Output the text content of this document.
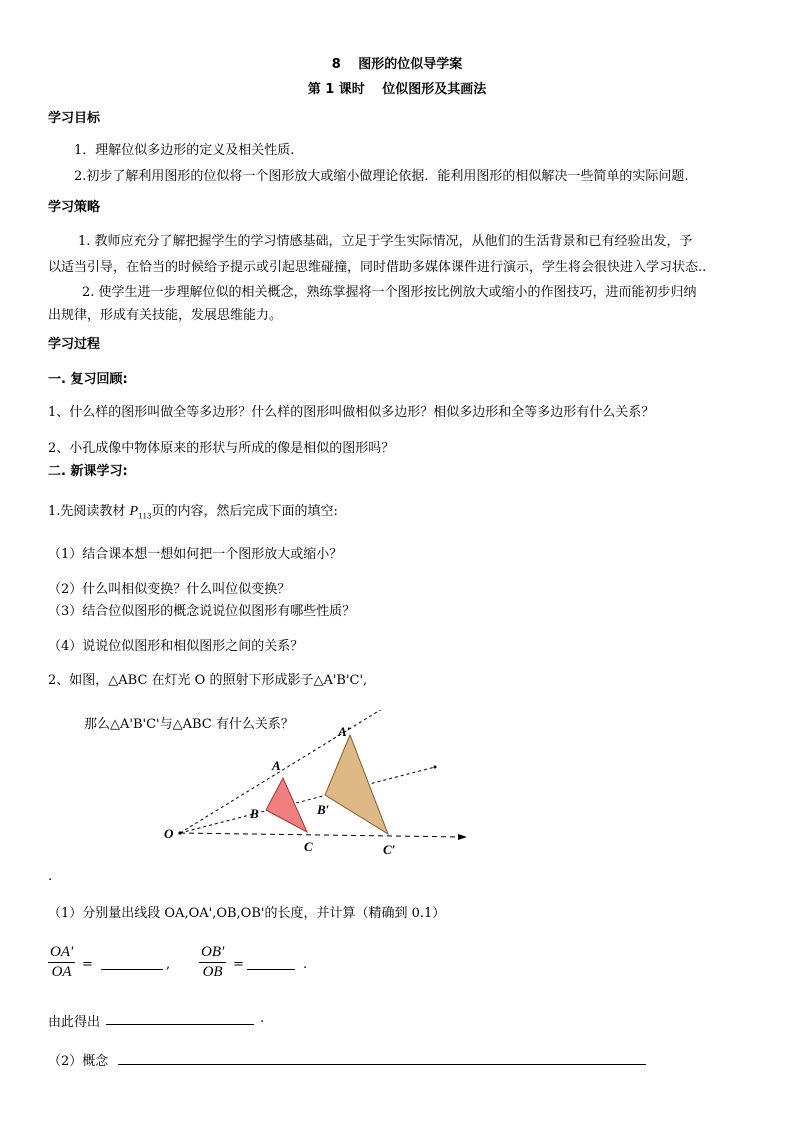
8　 图形的位似导学案
第 1 课时　 位似图形及其画法
学习目标
1．理解位似多边形的定义及相关性质.
2.初步了解利用图形的位似将一个图形放大或缩小做理论依据．能利用图形的相似解决一些简单的实际问题.
学习策略
1. 教师应充分了解把握学生的学习情感基础，立足于学生实际情况，从他们的生活背景和已有经验出发，予
以适当引导，在恰当的时候给予提示或引起思维碰撞，同时借助多媒体课件进行演示，学生将会很快进入学习状态..
2. 使学生进一步理解位似的相关概念，熟练掌握将一个图形按比例放大或缩小的作图技巧，进而能初步归纳
出规律，形成有关技能，发展思维能力。
学习过程
一. 复习回顾:
1、什么样的图形叫做全等多边形？什么样的图形叫做相似多边形？相似多边形和全等多边形有什么关系？
2、小孔成像中物体原来的形状与所成的像是相似的图形吗？
二. 新课学习:
1.先阅读教材 $P_{113}$页的内容，然后完成下面的填空:
（1）结合课本想一想如何把一个图形放大或缩小？
（2）什么叫相似变换？什么叫位似变换？
（3）结合位似图形的概念说说位似图形有哪些性质？
（4）说说位似图形和相似图形之间的关系？
2、如图，△ABC 在灯光 O 的照射下形成影子△A'B'C',
那么△A'B'C'与△ABC 有什么关系？
O
A
B
C
A′
B′
C′
.
（1）分别量出线段 OA,OA',OB,OB'的长度，并计算（精确到 0.1）
$\frac{OA'}{OA}$ =	, $\frac{OB'}{OB}$ =	.
由此得出	.
（2）概念
